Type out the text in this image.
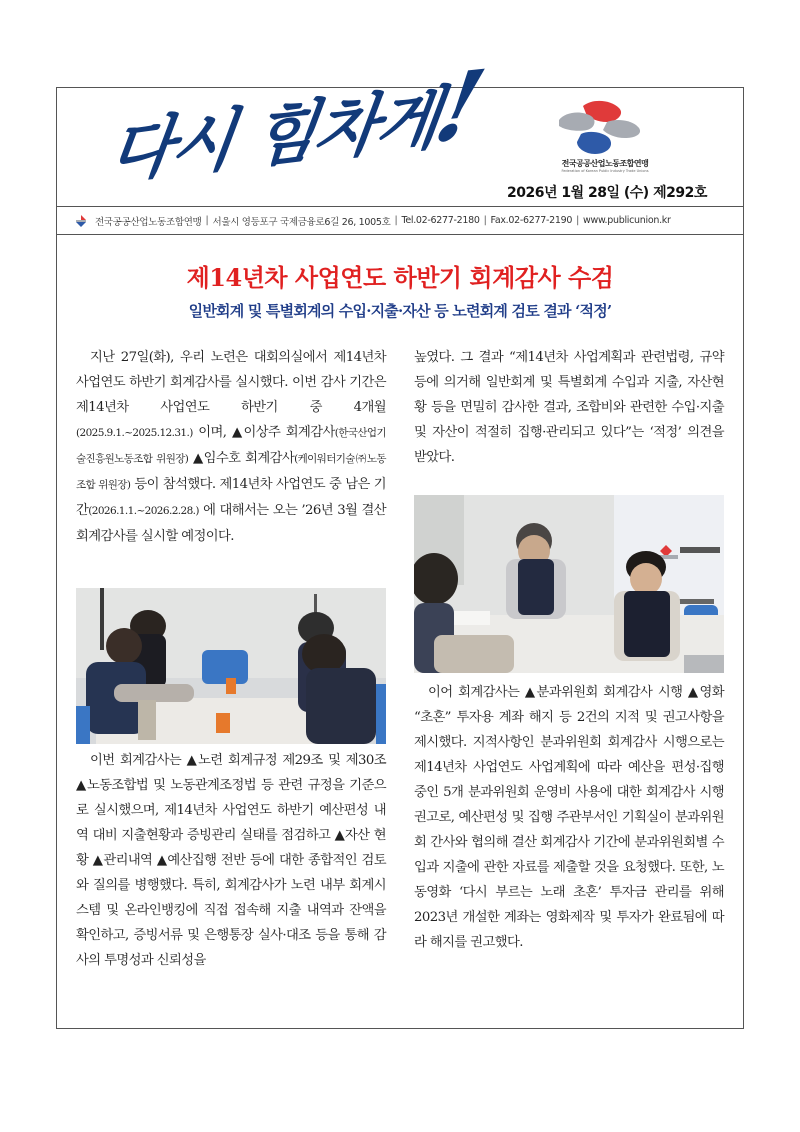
다시 힘차게!	전국공공산업노동조합연맹
Federation of Korean Public Industry Trade Unions
2026년 1월 28일 (수) 제292호
전국공공산업노동조합연맹 | 서울시 영등포구 국제금융로6길 26, 1005호 | Tel.02-6277-2180 | Fax.02-6277-2190 | www.publicunion.kr
제14년차 사업연도 하반기 회계감사 수검
일반회계 및 특별회계의 수입·지출·자산 등 노련회계 검토 결과 ‘적정’

지난 27일(화), 우리 노련은 대회의실에서 제14년차 사업연도 하반기 회계감사를 실시했다. 이번 감사 기간은 제14년차 사업연도 하반기 중 4개월(2025.9.1.~2025.12.31.) 이며, ▲이상주 회계감사(한국산업기술진흥원노동조합 위원장) ▲임수호 회계감사(케이워터기술㈜노동조합 위원장) 등이 참석했다. 제14년차 사업연도 중 남은 기간(2026.1.1.~2026.2.28.) 에 대해서는 오는 ’26년 3월 결산 회계감사를 실시할 예정이다.

이번 회계감사는 ▲노련 회계규정 제29조 및 제30조 ▲노동조합법 및 노동관계조정법 등 관련 규정을 기준으로 실시했으며, 제14년차 사업연도 하반기 예산편성 내역 대비 지출현황과 증빙관리 실태를 점검하고 ▲자산 현황 ▲관리내역 ▲예산집행 전반 등에 대한 종합적인 검토와 질의를 병행했다. 특히, 회계감사가 노련 내부 회계시스템 및 온라인뱅킹에 직접 접속해 지출 내역과 잔액을 확인하고, 증빙서류 및 은행통장 실사·대조 등을 통해 감사의 투명성과 신뢰성을

높였다. 그 결과 “제14년차 사업계획과 관련법령, 규약 등에 의거해 일반회계 및 특별회계 수입과 지출, 자산현황 등을 면밀히 감사한 결과, 조합비와 관련한 수입·지출 및 자산이 적절히 집행·관리되고 있다”는 ‘적정’ 의견을 받았다.

이어 회계감사는 ▲분과위원회 회계감사 시행 ▲영화 “초혼” 투자용 계좌 해지 등 2건의 지적 및 권고사항을 제시했다. 지적사항인 분과위원회 회계감사 시행으로는 제14년차 사업연도 사업계획에 따라 예산을 편성·집행 중인 5개 분과위원회 운영비 사용에 대한 회계감사 시행 권고로, 예산편성 및 집행 주관부서인 기획실이 분과위원회 간사와 협의해 결산 회계감사 기간에 분과위원회별 수입과 지출에 관한 자료를 제출할 것을 요청했다. 또한, 노동영화 ‘다시 부르는 노래 초혼’ 투자금 관리를 위해 2023년 개설한 계좌는 영화제작 및 투자가 완료됨에 따라 해지를 권고했다.
